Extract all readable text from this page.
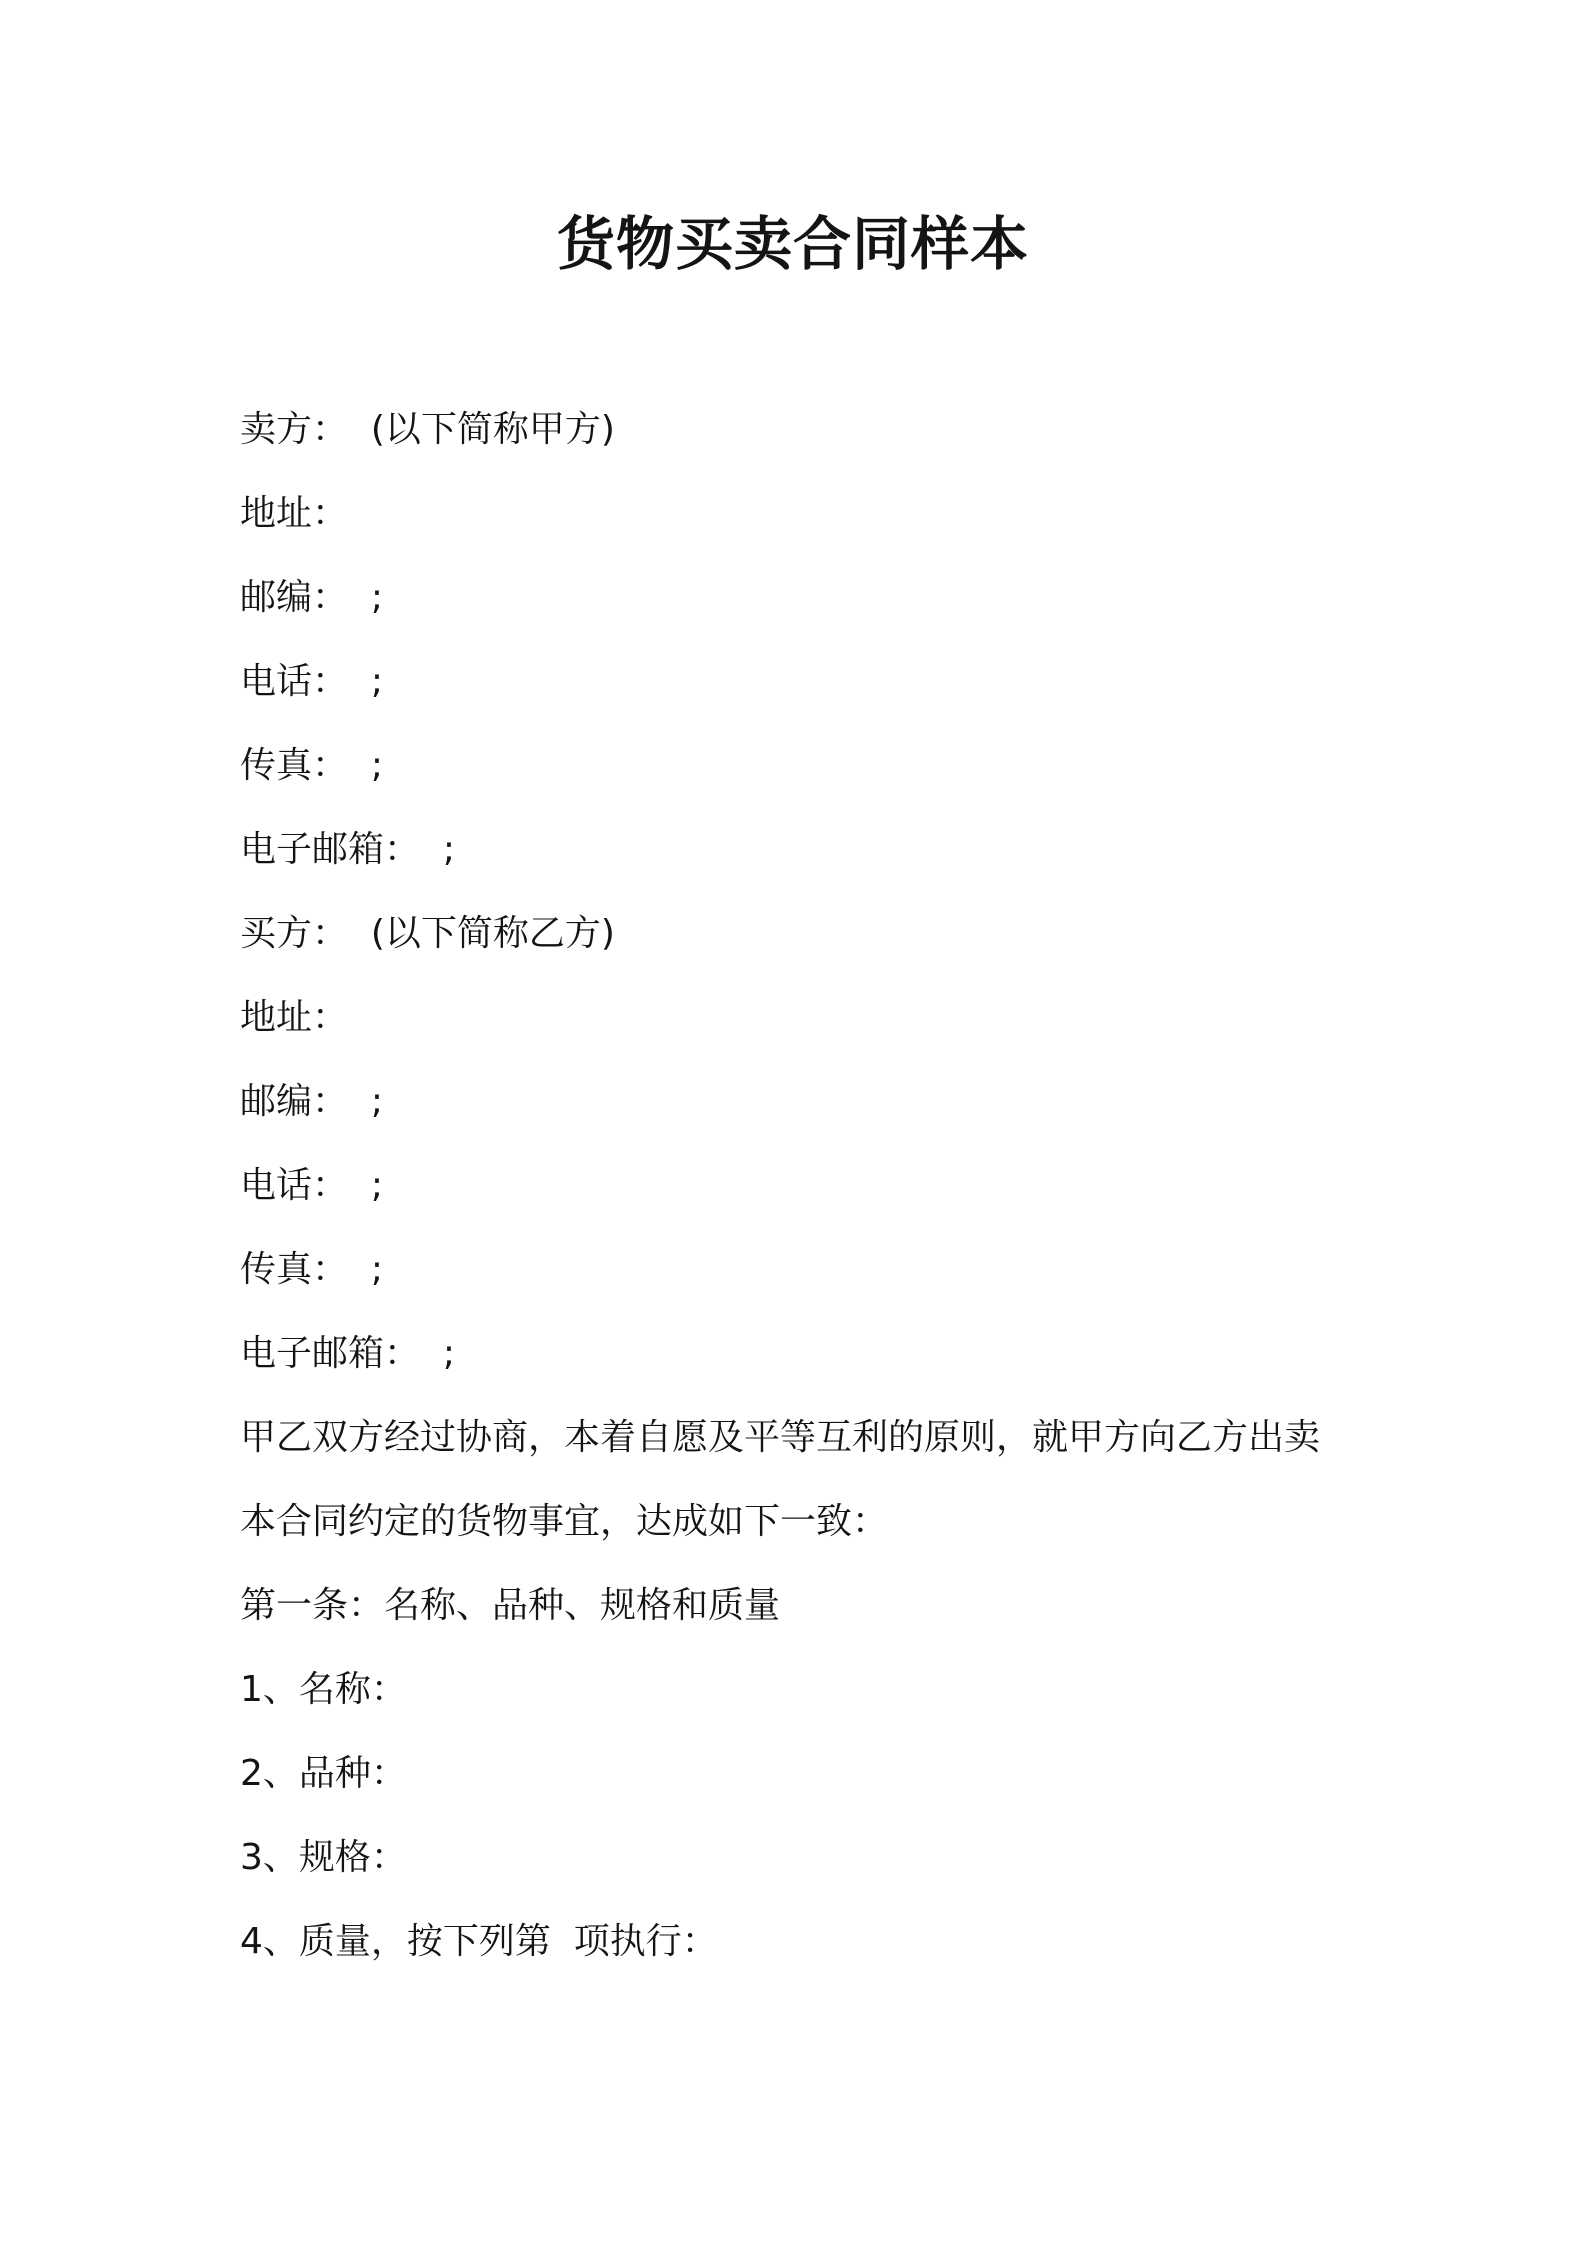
货物买卖合同样本
卖方：  (以下简称甲方)
地址：
邮编：  ;
电话：  ;
传真：  ;
电子邮箱：  ;
买方：  (以下简称乙方)
地址：
邮编：  ;
电话：  ;
传真：  ;
电子邮箱：  ;
甲乙双方经过协商，本着自愿及平等互利的原则，就甲方向乙方出卖
本合同约定的货物事宜，达成如下一致：
第一条：名称、品种、规格和质量
1、名称：
2、品种：
3、规格：
4、质量，按下列第  项执行：
